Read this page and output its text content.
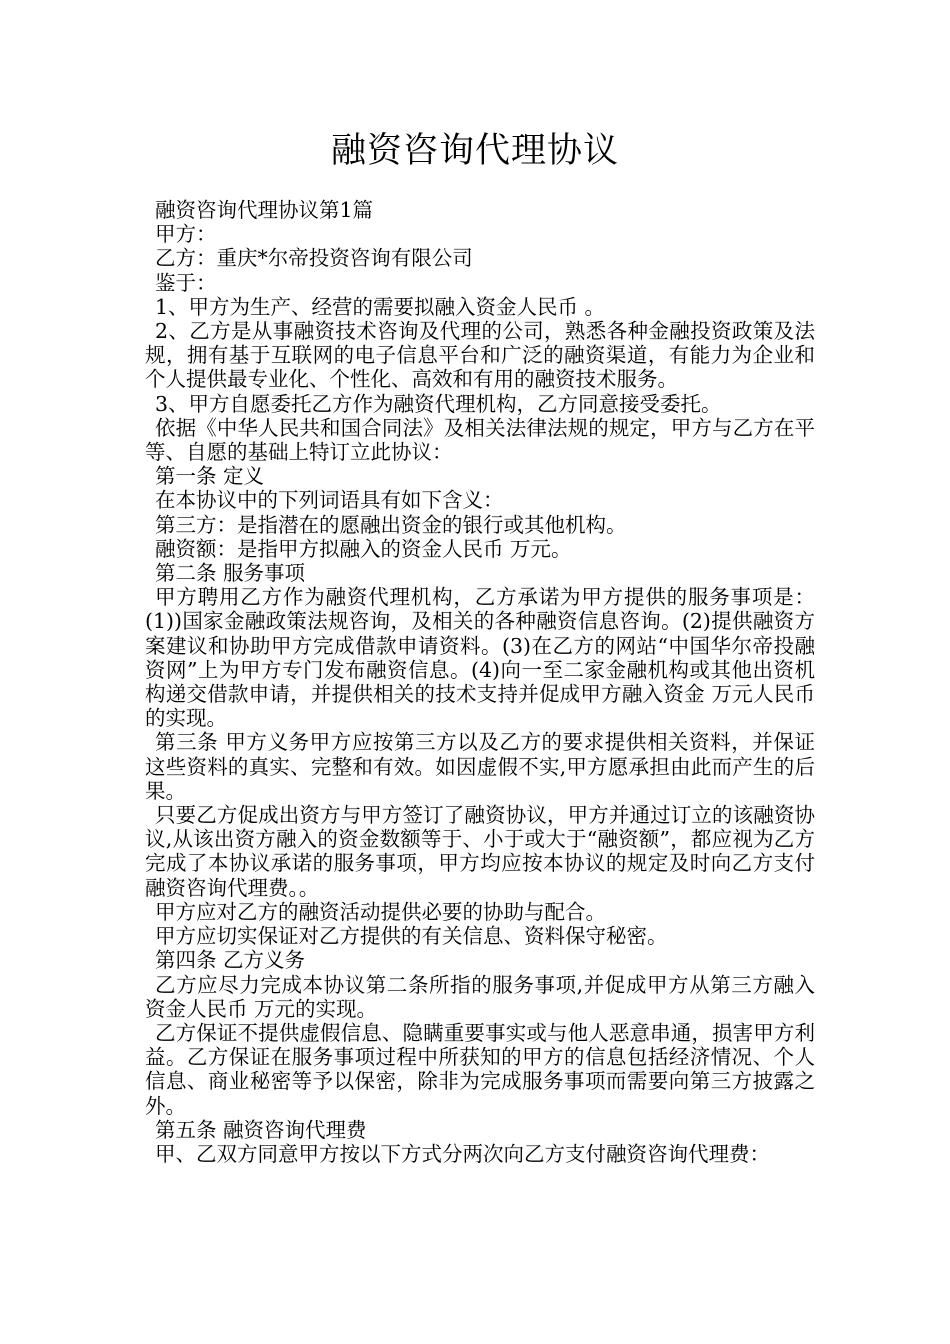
融资咨询代理协议

融资咨询代理协议第1篇

甲方：

乙方：重庆*尔帝投资咨询有限公司

鉴于：

1、甲方为生产、经营的需要拟融入资金人民币 。

2、乙方是从事融资技术咨询及代理的公司，熟悉各种金融投资政策及法规，拥有基于互联网的电子信息平台和广泛的融资渠道，有能力为企业和个人提供最专业化、个性化、高效和有用的融资技术服务。

3、甲方自愿委托乙方作为融资代理机构，乙方同意接受委托。

依据《中华人民共和国合同法》及相关法律法规的规定，甲方与乙方在平等、自愿的基础上特订立此协议：

第一条 定义

在本协议中的下列词语具有如下含义：

第三方：是指潜在的愿融出资金的银行或其他机构。

融资额：是指甲方拟融入的资金人民币 万元。

第二条 服务事项

甲方聘用乙方作为融资代理机构，乙方承诺为甲方提供的服务事项是：(1))国家金融政策法规咨询，及相关的各种融资信息咨询。(2)提供融资方案建议和协助甲方完成借款申请资料。(3)在乙方的网站“中国华尔帝投融资网”上为甲方专门发布融资信息。(4)向一至二家金融机构或其他出资机构递交借款申请，并提供相关的技术支持并促成甲方融入资金 万元人民币的实现。

第三条 甲方义务甲方应按第三方以及乙方的要求提供相关资料，并保证这些资料的真实、完整和有效。如因虚假不实,甲方愿承担由此而产生的后果。

只要乙方促成出资方与甲方签订了融资协议，甲方并通过订立的该融资协议,从该出资方融入的资金数额等于、小于或大于“融资额”，都应视为乙方完成了本协议承诺的服务事项，甲方均应按本协议的规定及时向乙方支付融资咨询代理费。。

甲方应对乙方的融资活动提供必要的协助与配合。

甲方应切实保证对乙方提供的有关信息、资料保守秘密。

第四条 乙方义务

乙方应尽力完成本协议第二条所指的服务事项,并促成甲方从第三方融入资金人民币 万元的实现。

乙方保证不提供虚假信息、隐瞒重要事实或与他人恶意串通，损害甲方利益。乙方保证在服务事项过程中所获知的甲方的信息包括经济情况、个人信息、商业秘密等予以保密，除非为完成服务事项而需要向第三方披露之外。

第五条 融资咨询代理费

甲、乙双方同意甲方按以下方式分两次向乙方支付融资咨询代理费：
